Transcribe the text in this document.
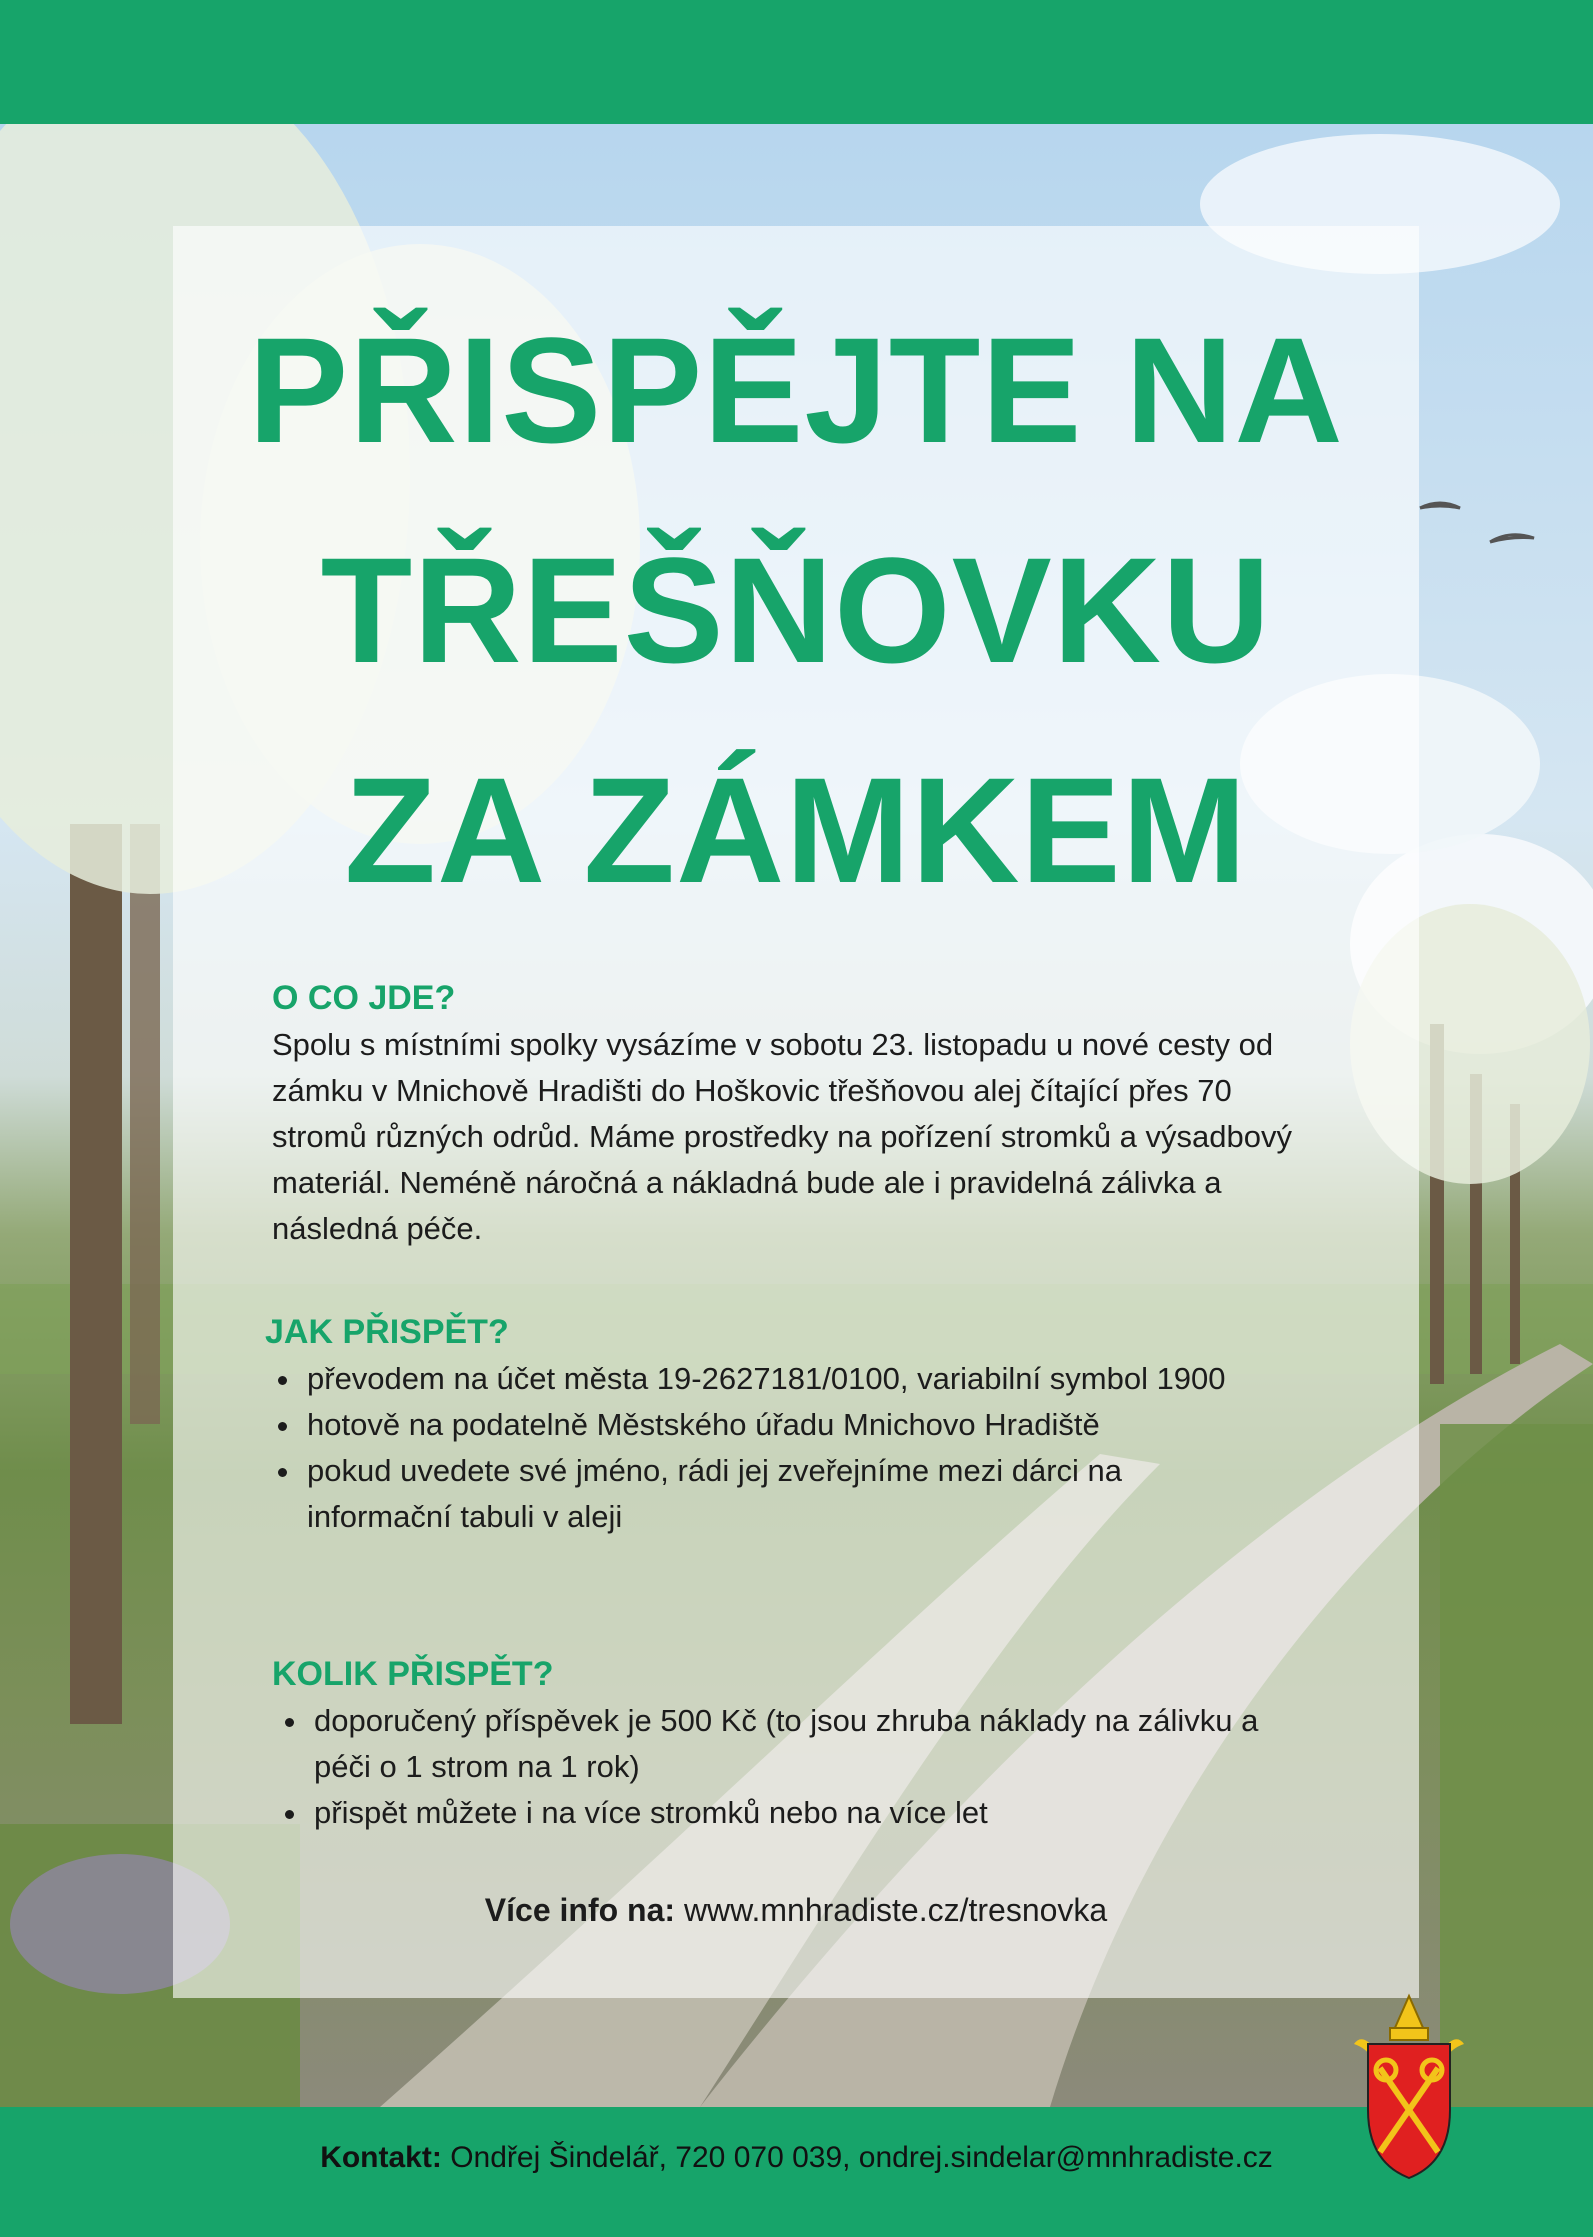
PŘISPĚJTE NA
TŘEŠŇOVKU
ZA ZÁMKEM
O CO JDE?

Spolu s místními spolky vysázíme v sobotu 23. listopadu u nové cesty od zámku v Mnichově Hradišti do Hoškovic třešňovou alej čítající přes 70 stromů různých odrůd. Máme prostředky na pořízení stromků a výsadbový materiál. Neméně náročná a nákladná bude ale i pravidelná zálivka a následná péče.

JAK PŘISPĚT?
• převodem na účet města 19-2627181/0100, variabilní symbol 1900
• hotově na podatelně Městského úřadu Mnichovo Hradiště
• pokud uvedete své jméno, rádi jej zveřejníme mezi dárci na informační tabuli v aleji
KOLIK PŘISPĚT?
• doporučený příspěvek je 500 Kč (to jsou zhruba náklady na zálivku a péči o 1 strom na 1 rok)
• přispět můžete i na více stromků nebo na více let
Více info na: www.mnhradiste.cz/tresnovka
Kontakt: Ondřej Šindelář, 720 070 039, ondrej.sindelar@mnhradiste.cz
